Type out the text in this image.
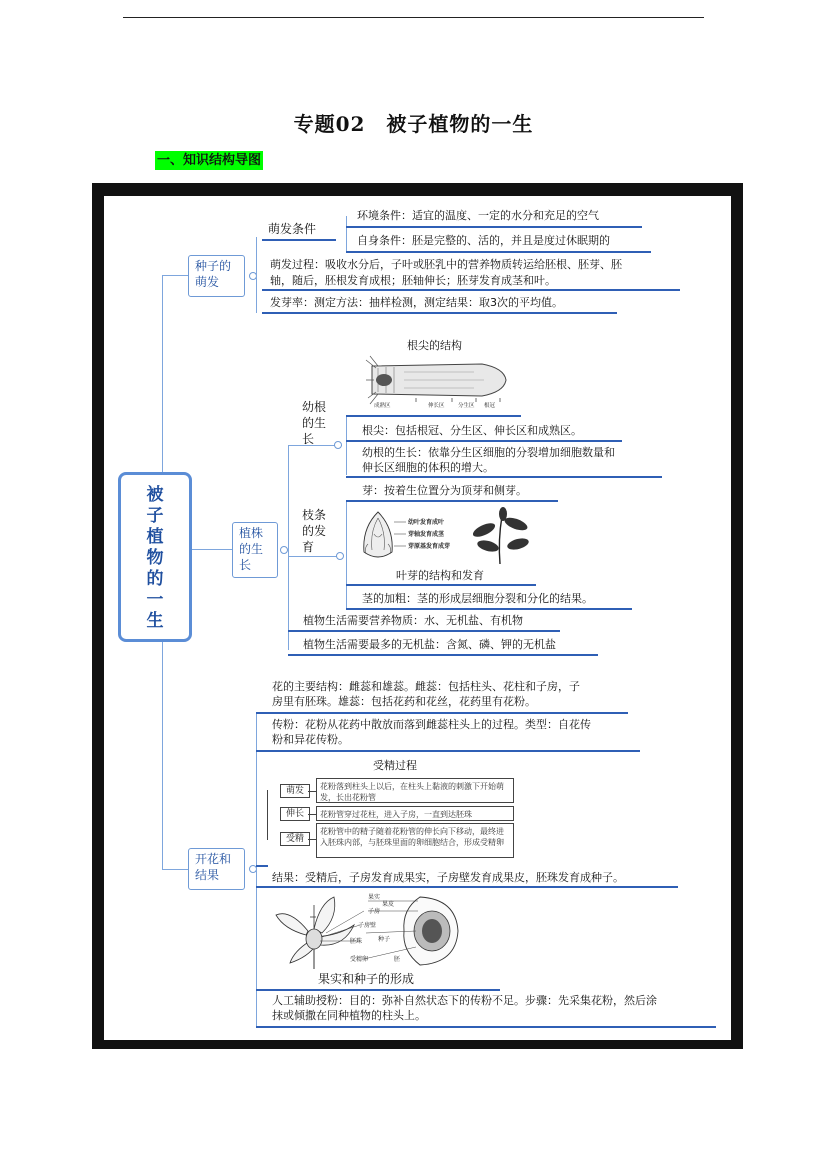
专题02　被子植物的一生
一、知识结构导图
被
子
植
物
的
一
生
种子的
萌发
萌发条件
环境条件：适宜的温度、一定的水分和充足的空气
自身条件：胚是完整的、活的，并且是度过休眠期的
萌发过程：吸收水分后，子叶或胚乳中的营养物质转运给胚根、胚芽、胚
轴，随后，胚根发育成根；胚轴伸长；胚芽发育成茎和叶。
发芽率：测定方法：抽样检测，测定结果：取3次的平均值。
植株
的生
长
幼根
的生
长
根尖的结构
成熟区	伸长区 分生区 根冠
根尖：包括根冠、分生区、伸长区和成熟区。
幼根的生长：依靠分生区细胞的分裂增加细胞数量和
伸长区细胞的体积的增大。
枝条
的发
育
芽：按着生位置分为顶芽和侧芽。
幼叶发育成叶
芽轴发育成茎
芽原基发育成芽
叶芽的结构和发育
茎的加粗：茎的形成层细胞分裂和分化的结果。
植物生活需要营养物质：水、无机盐、有机物
植物生活需要最多的无机盐：含氮、磷、钾的无机盐
开花和
结果
花的主要结构：雌蕊和雄蕊。雌蕊：包括柱头、花柱和子房，子
房里有胚珠。雄蕊：包括花药和花丝，花药里有花粉。
传粉：花粉从花药中散放而落到雌蕊柱头上的过程。类型：自花传
粉和异花传粉。
受精过程
萌发
伸长
受精
花粉落到柱头上以后，在柱头上黏液的刺激下开始萌发，长出花粉管
花粉管穿过花柱，进入子房，一直到达胚珠
花粉管中的精子随着花粉管的伸长向下移动，最终进入胚珠内部，与胚珠里面的卵细胞结合，形成受精卵
结果：受精后，子房发育成果实，子房壁发育成果皮，胚珠发育成种子。
果实
子房
果皮
子房壁
胚珠	种子
受精卵	胚
果实和种子的形成
人工辅助授粉：目的：弥补自然状态下的传粉不足。步骤：先采集花粉，然后涂
抹或倾撒在同种植物的柱头上。
